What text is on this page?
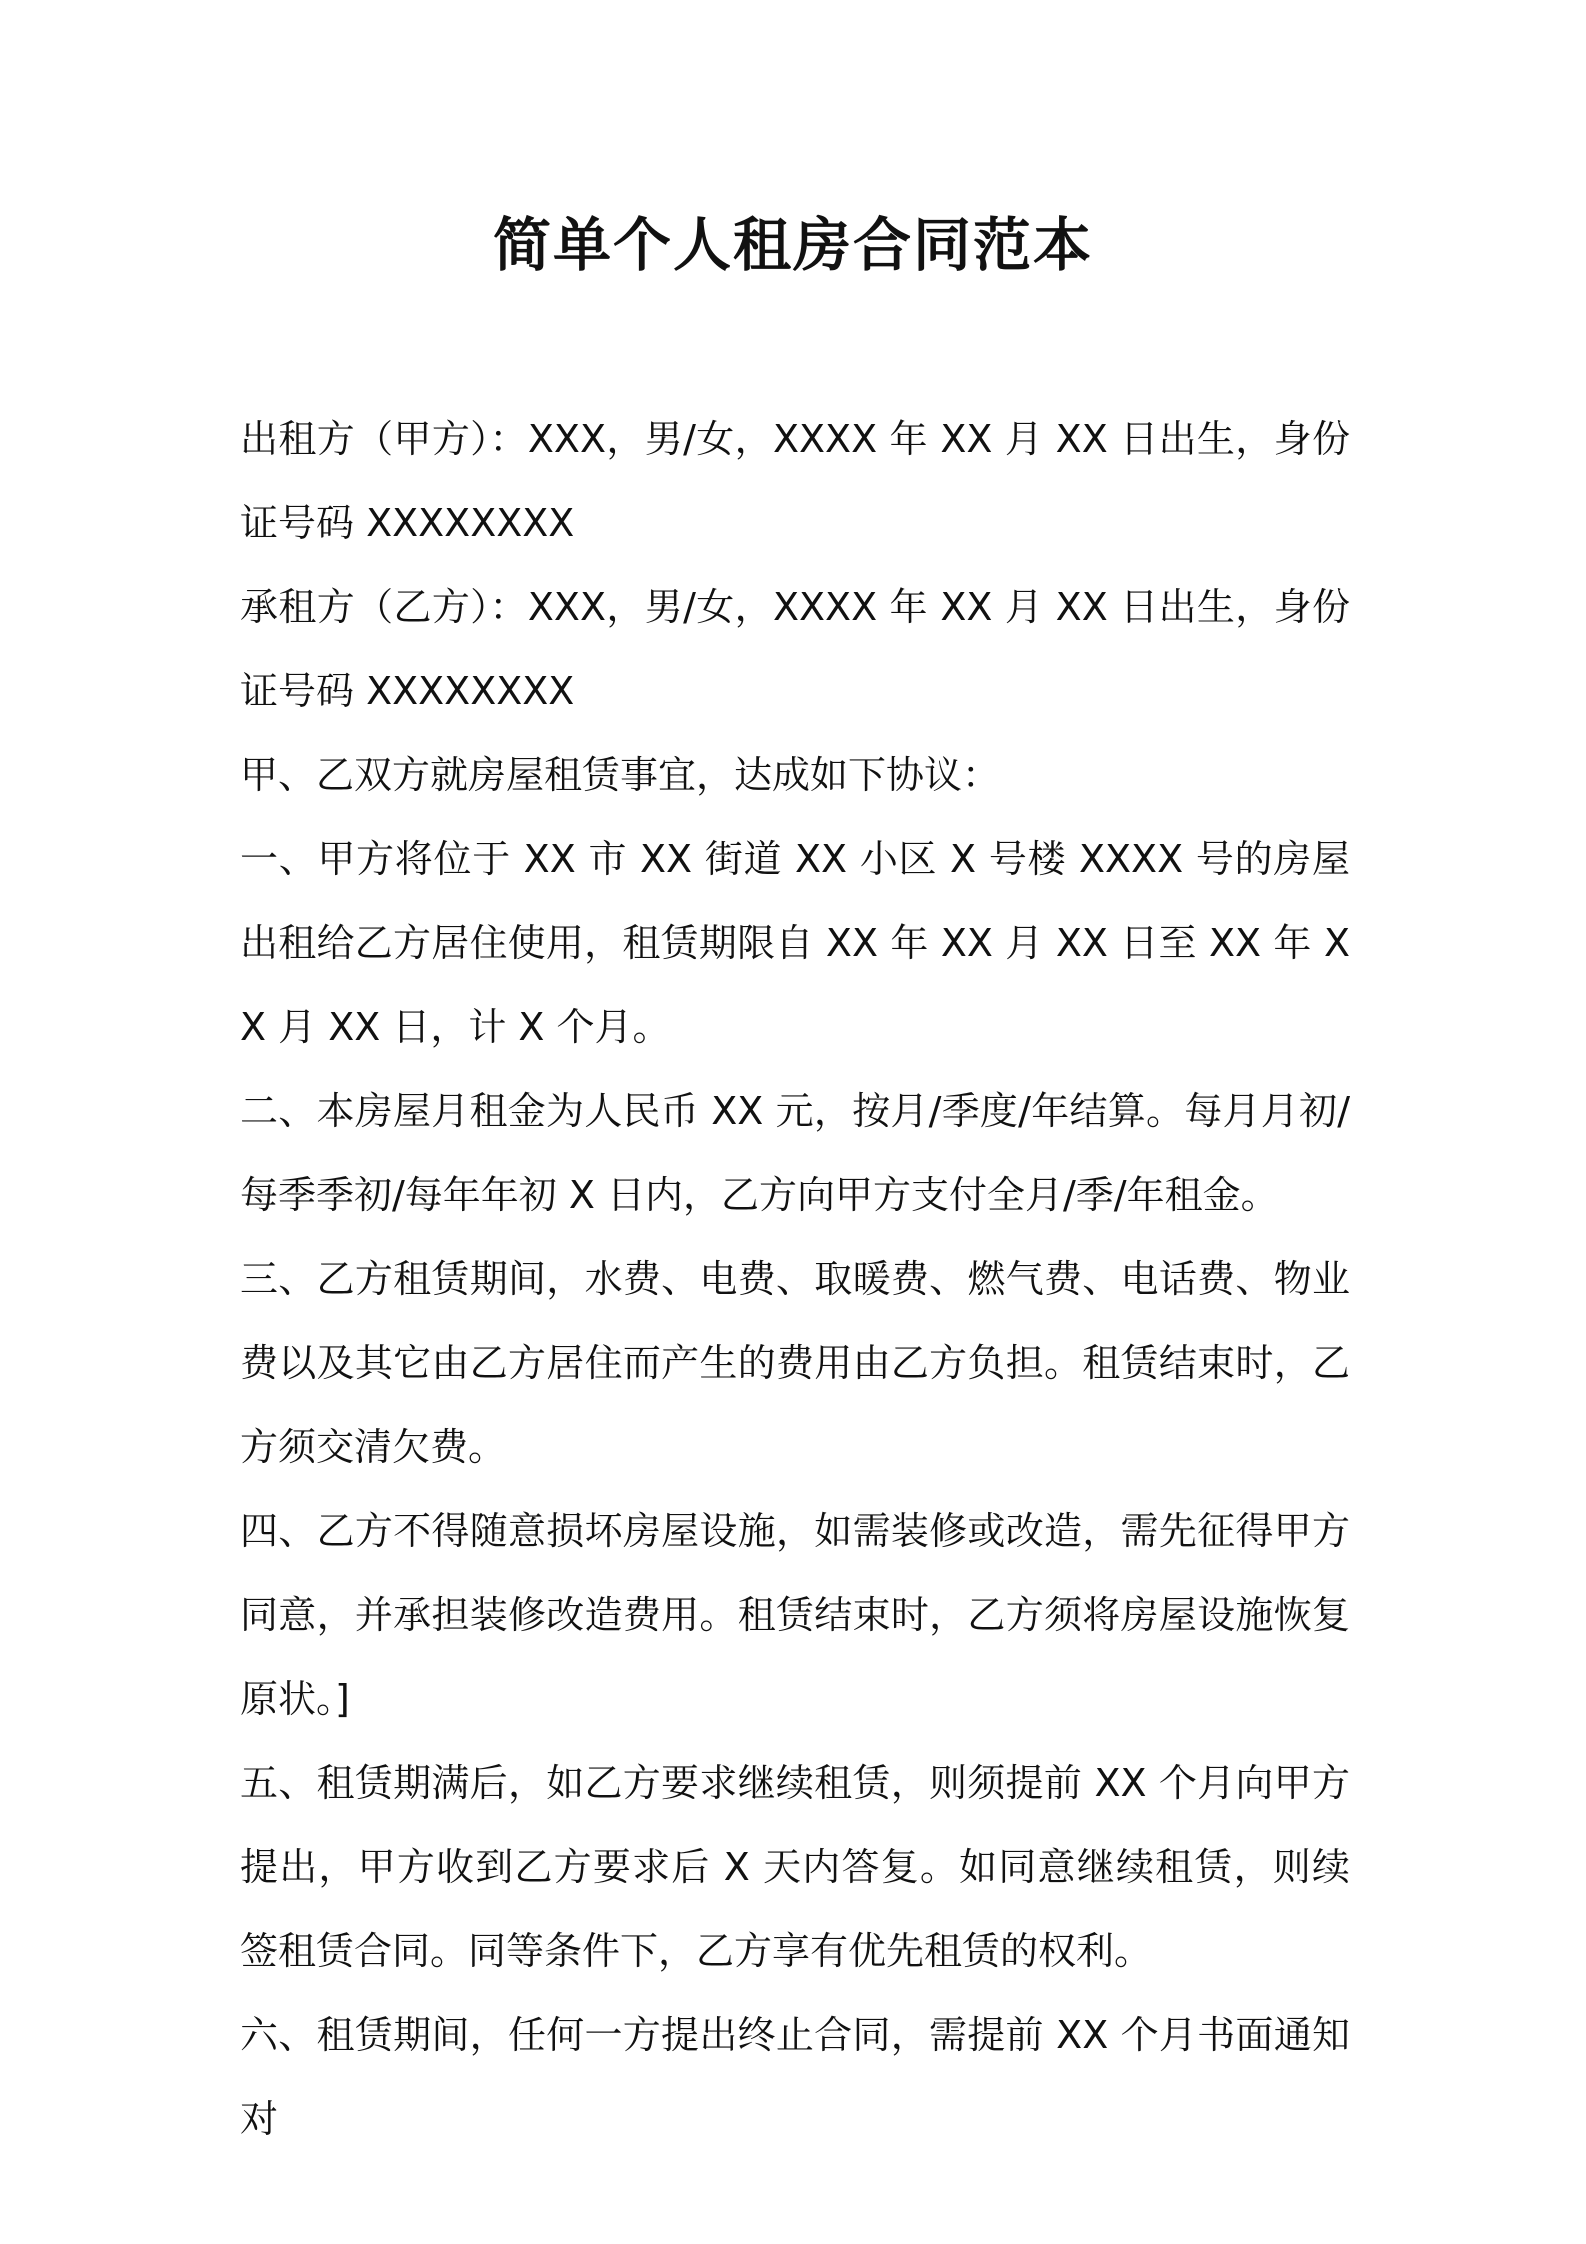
简单个人租房合同范本

出租方（甲方）：XXX，男/女，XXXX 年 XX 月 XX 日出生，身份证号码 XXXXXXXX

承租方（乙方）：XXX，男/女，XXXX 年 XX 月 XX 日出生，身份证号码 XXXXXXXX

甲、乙双方就房屋租赁事宜，达成如下协议：

一、甲方将位于 XX 市 XX 街道 XX 小区 X 号楼 XXXX 号的房屋出租给乙方居住使用，租赁期限自 XX 年 XX 月 XX 日至 XX 年 XX 月 XX 日，计 X 个月。

二、本房屋月租金为人民币 XX 元，按月/季度/年结算。每月月初/每季季初/每年年初 X 日内，乙方向甲方支付全月/季/年租金。

三、乙方租赁期间，水费、电费、取暖费、燃气费、电话费、物业费以及其它由乙方居住而产生的费用由乙方负担。租赁结束时，乙方须交清欠费。

四、乙方不得随意损坏房屋设施，如需装修或改造，需先征得甲方同意，并承担装修改造费用。租赁结束时，乙方须将房屋设施恢复原状。]

五、租赁期满后，如乙方要求继续租赁，则须提前 XX 个月向甲方提出，甲方收到乙方要求后 X 天内答复。如同意继续租赁，则续签租赁合同。同等条件下，乙方享有优先租赁的权利。

六、租赁期间，任何一方提出终止合同，需提前 XX 个月书面通知对
